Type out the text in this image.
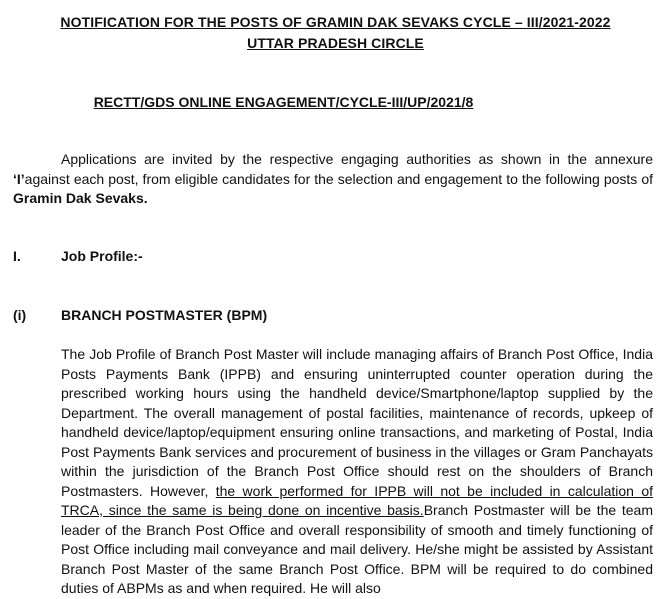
NOTIFICATION FOR THE POSTS OF GRAMIN DAK SEVAKS CYCLE – III/2021-2022
UTTAR PRADESH CIRCLE
RECTT/GDS ONLINE ENGAGEMENT/CYCLE-III/UP/2021/8

Applications are invited by the respective engaging authorities as shown in the annexure ‘I’against each post, from eligible candidates for the selection and engagement to the following posts of Gramin Dak Sevaks.

I.	Job Profile:-
(i) BRANCH POSTMASTER (BPM)

The Job Profile of Branch Post Master will include managing affairs of Branch Post Office, India Posts Payments Bank (IPPB) and ensuring uninterrupted counter operation during the prescribed working hours using the handheld device/Smartphone/laptop supplied by the Department. The overall management of postal facilities, maintenance of records, upkeep of handheld device/laptop/equipment ensuring online transactions, and marketing of Postal, India Post Payments Bank services and procurement of business in the villages or Gram Panchayats within the jurisdiction of the Branch Post Office should rest on the shoulders of Branch Postmasters. However, the work performed for IPPB will not be included in calculation of TRCA, since the same is being done on incentive basis.Branch Postmaster will be the team leader of the Branch Post Office and overall responsibility of smooth and timely functioning of Post Office including mail conveyance and mail delivery. He/she might be assisted by Assistant Branch Post Master of the same Branch Post Office. BPM will be required to do combined duties of ABPMs as and when required. He will also
